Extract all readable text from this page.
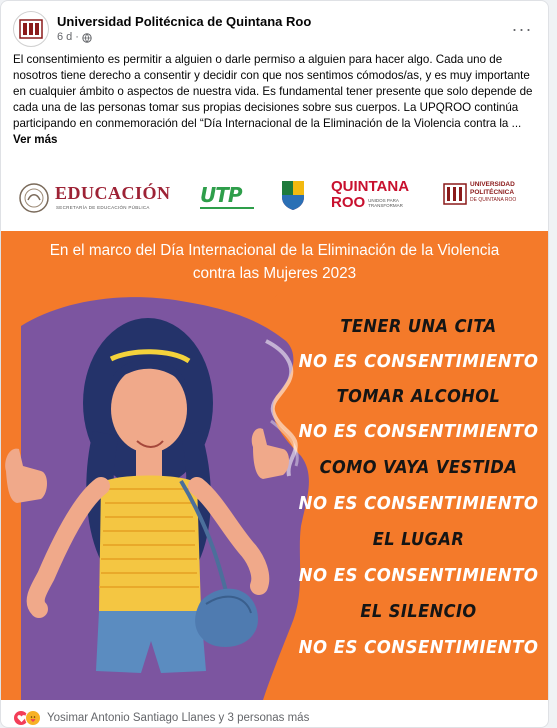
Universidad Politécnica de Quintana Roo
6 d ·	···
El consentimiento es permitir a alguien o darle permiso a alguien para hacer algo. Cada uno de nosotros tiene derecho a consentir y decidir con que nos sentimos cómodos/as, y es muy importante en cualquier ámbito o aspectos de nuestra vida. Es fundamental tener presente que solo depende de cada una de las personas tomar sus propias decisiones sobre sus cuerpos. La UPQROO continúa participando en conmemoración del “Día Internacional de la Eliminación de la Violencia contra la ... Ver más
EDUCACIÓN
SECRETARÍA DE EDUCACIÓN PÚBLICA
UTP	QUINTANA
ROO UNIDOS PARA TRANSFORMAR
UNIVERSIDAD
POLITÉCNICA
DE QUINTANA ROO
En el marco del Día Internacional de la Eliminación de la Violencia
contra las Mujeres 2023
TENER UNA CITA
NO ES CONSENTIMIENTO
TOMAR ALCOHOL
NO ES CONSENTIMIENTO
COMO VAYA VESTIDA
NO ES CONSENTIMIENTO
EL LUGAR
NO ES CONSENTIMIENTO
EL SILENCIO
NO ES CONSENTIMIENTO
Yosimar Antonio Santiago Llanes y 3 personas más
